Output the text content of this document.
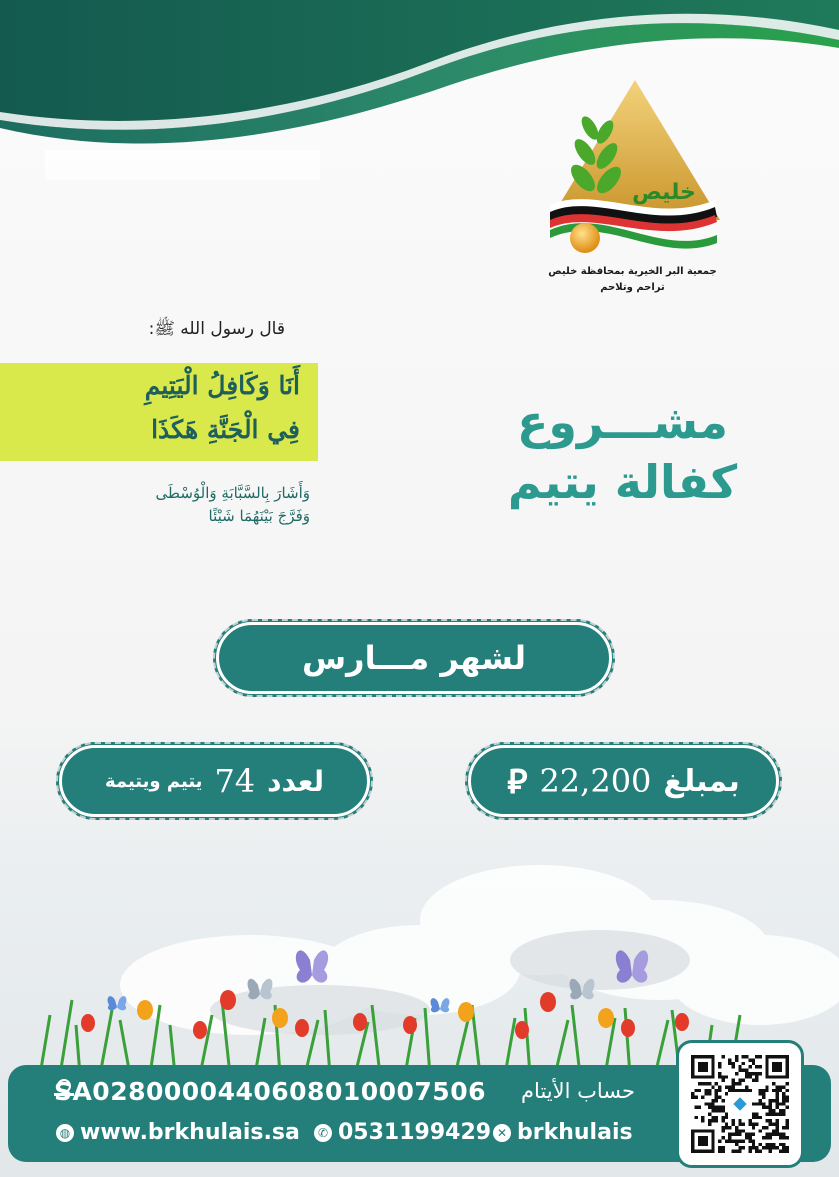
خليص
جمعية البر الخيرية بمحافظة خليص
تراحم وتلاحم
قال رسول الله ﷺ:
أَنَا وَكَافِلُ الْيَتِيمِ
فِي الْجَنَّةِ هَكَذَا
وَأَشَارَ بِالسَّبَّابَةِ وَالْوُسْطَى
وَفَرَّجَ بَيْنَهُمَا شَيْئًا
مشـــروع
كفالة يتيم
لشهر مـــارس
بمبلغ
22,200
⃁
لعدد
74
يتيم ويتيمة
حساب الأيتام
SA0280000440608010007506
◍ www.brkhulais.sa	✆ 0531199429 ✕ brkhulais
